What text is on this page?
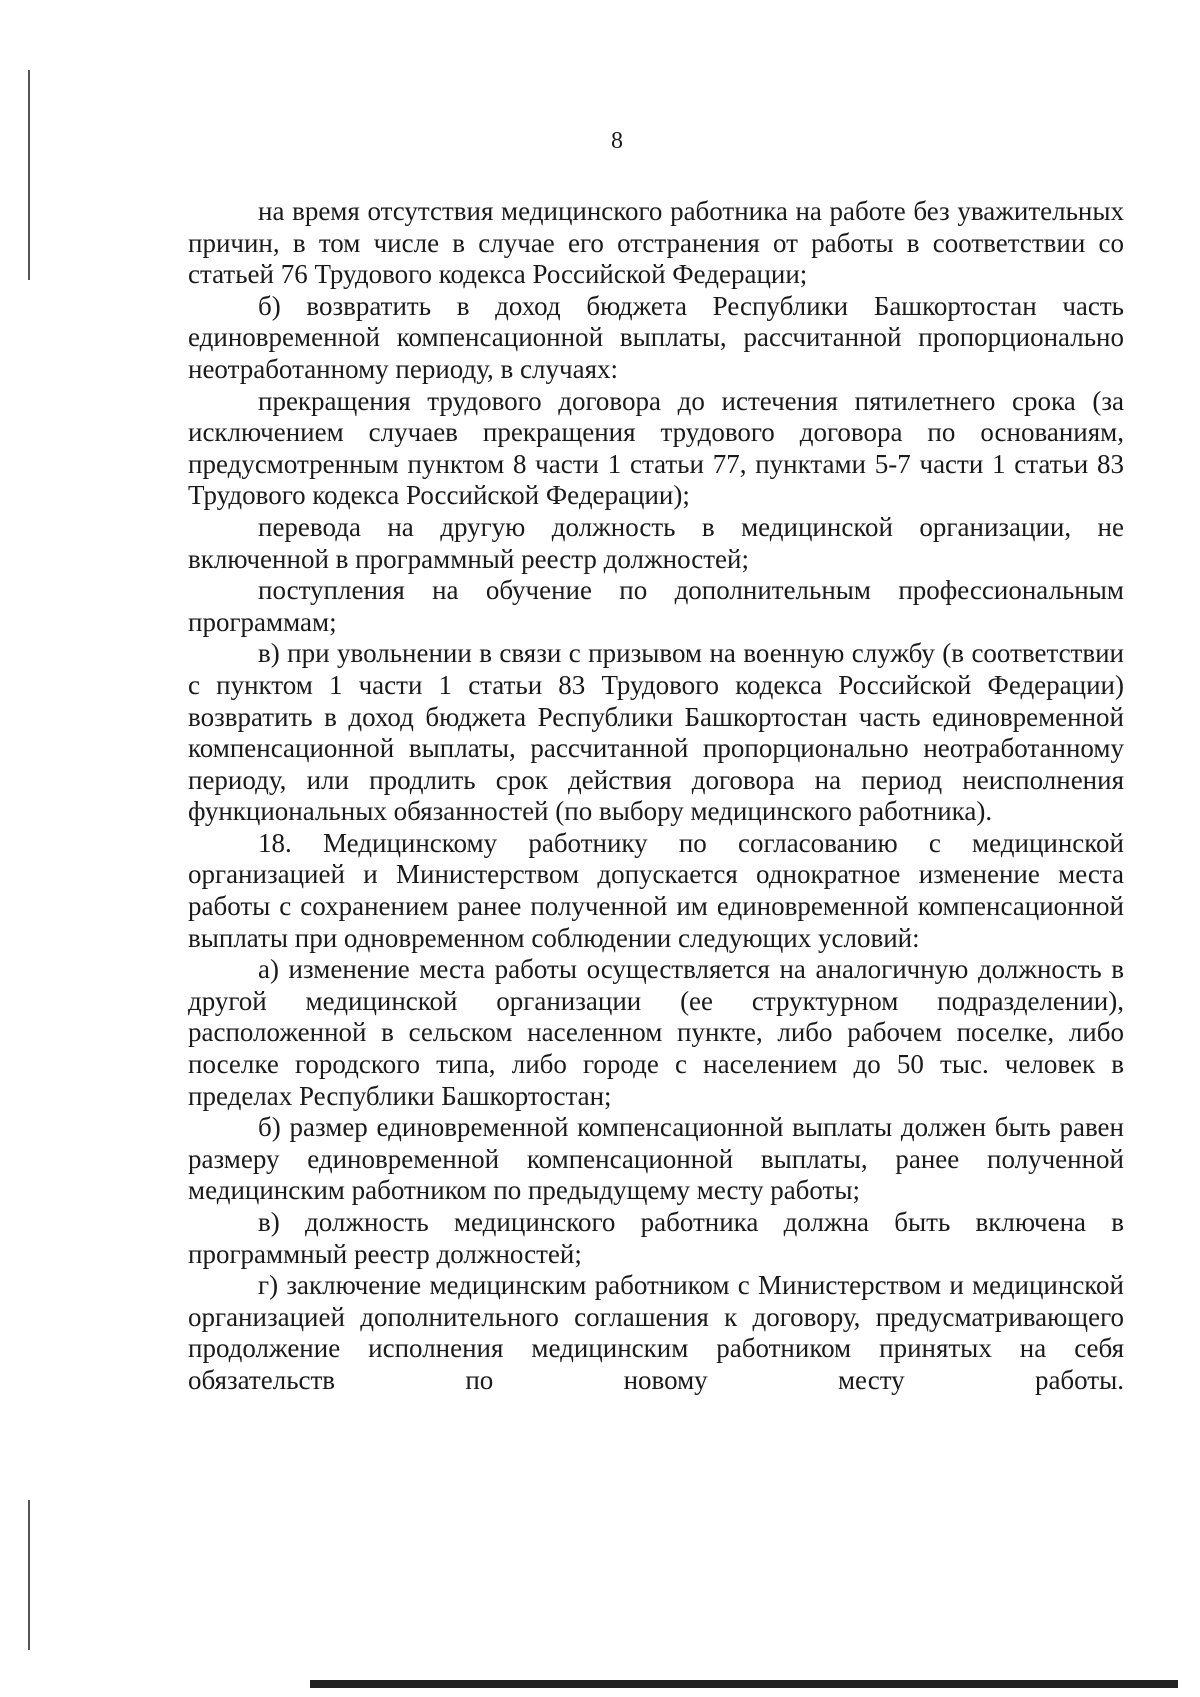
8

на время отсутствия медицинского работника на работе без уважительных причин, в том числе в случае его отстранения от работы в соответствии со статьей 76 Трудового кодекса Российской Федерации;

б) возвратить в доход бюджета Республики Башкортостан часть единовременной компенсационной выплаты, рассчитанной пропорционально неотработанному периоду, в случаях:

прекращения трудового договора до истечения пятилетнего срока (за исключением случаев прекращения трудового договора по основаниям, предусмотренным пунктом 8 части 1 статьи 77, пунктами 5-7 части 1 статьи 83 Трудового кодекса Российской Федерации);

перевода на другую должность в медицинской организации, не включенной в программный реестр должностей;

поступления на обучение по дополнительным профессиональным программам;

в) при увольнении в связи с призывом на военную службу (в соответствии с пунктом 1 части 1 статьи 83 Трудового кодекса Российской Федерации) возвратить в доход бюджета Республики Башкортостан часть единовременной компенсационной выплаты, рассчитанной пропорционально неотработанному периоду, или продлить срок действия договора на период неисполнения функциональных обязанностей (по выбору медицинского работника).

18. Медицинскому работнику по согласованию с медицинской организацией и Министерством допускается однократное изменение места работы с сохранением ранее полученной им единовременной компенсационной выплаты при одновременном соблюдении следующих условий:

а) изменение места работы осуществляется на аналогичную должность в другой медицинской организации (ее структурном подразделении), расположенной в сельском населенном пункте, либо рабочем поселке, либо поселке городского типа, либо городе с населением до 50 тыс. человек в пределах Республики Башкортостан;

б) размер единовременной компенсационной выплаты должен быть равен размеру единовременной компенсационной выплаты, ранее полученной медицинским работником по предыдущему месту работы;

в) должность медицинского работника должна быть включена в программный реестр должностей;

г) заключение медицинским работником с Министерством и медицинской организацией дополнительного соглашения к договору, предусматривающего продолжение исполнения медицинским работником принятых на себя обязательств по новому месту работы.
